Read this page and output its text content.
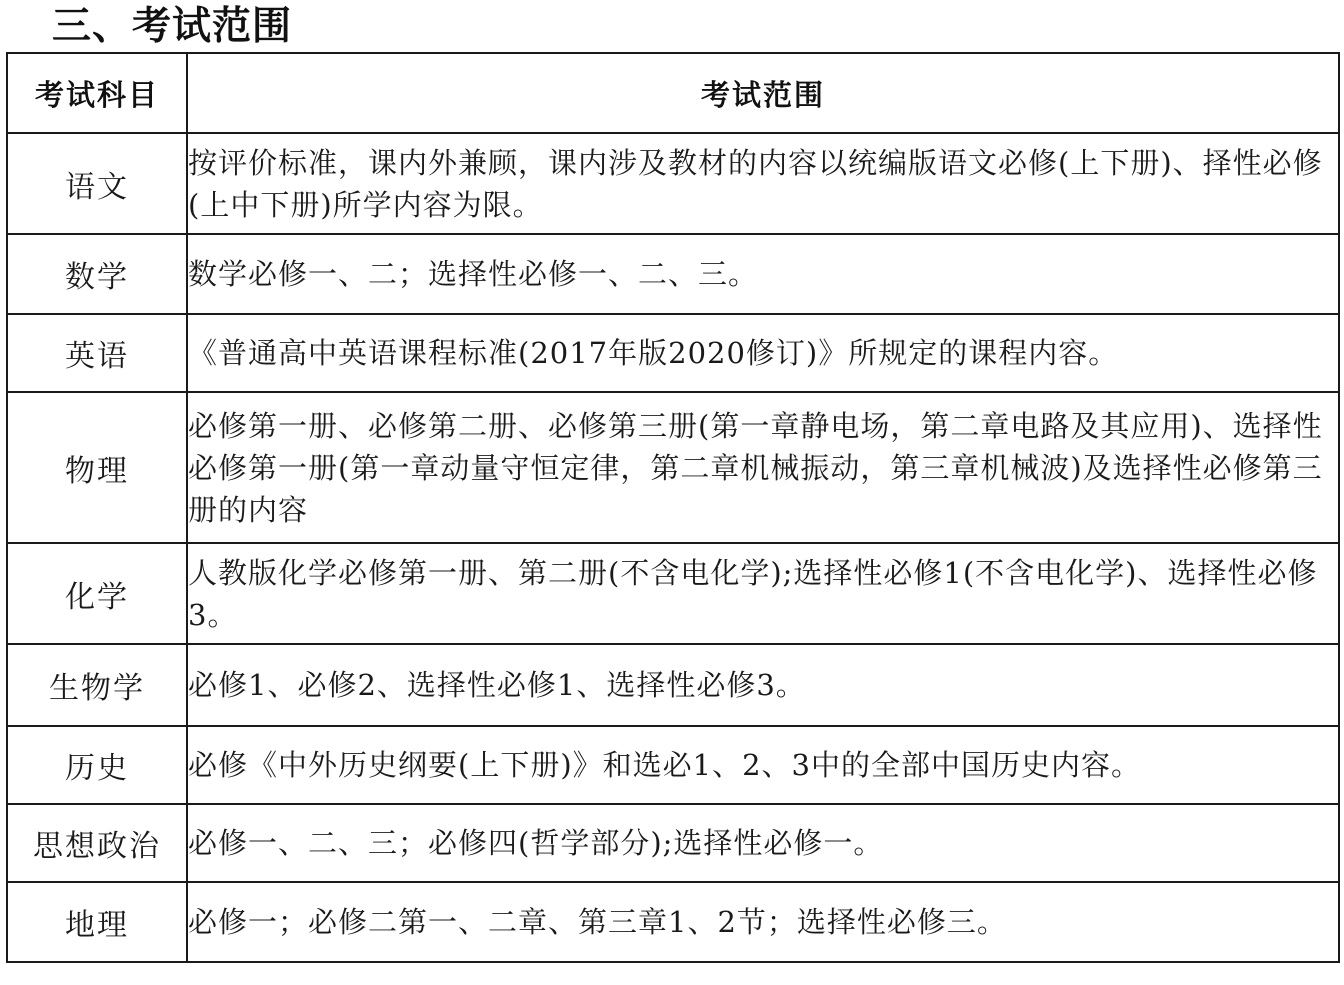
三、考试范围
考试科目	考试范围
语文	按评价标准，课内外兼顾，课内涉及教材的内容以统编版语文必修(上下册)、择性必修(上中下册)所学内容为限。
数学	数学必修一、二；选择性必修一、二、三。
英语	《普通高中英语课程标准(2017年版2020修订)》所规定的课程内容。
物理	必修第一册、必修第二册、必修第三册(第一章静电场，第二章电路及其应用)、选择性必修第一册(第一章动量守恒定律，第二章机械振动，第三章机械波)及选择性必修第三册的内容
化学	人教版化学必修第一册、第二册(不含电化学);选择性必修1(不含电化学)、选择性必修3。
生物学	必修1、必修2、选择性必修1、选择性必修3。
历史	必修《中外历史纲要(上下册)》和选必1、2、3中的全部中国历史内容。
思想政治	必修一、二、三；必修四(哲学部分);选择性必修一。
地理	必修一；必修二第一、二章、第三章1、2节；选择性必修三。
